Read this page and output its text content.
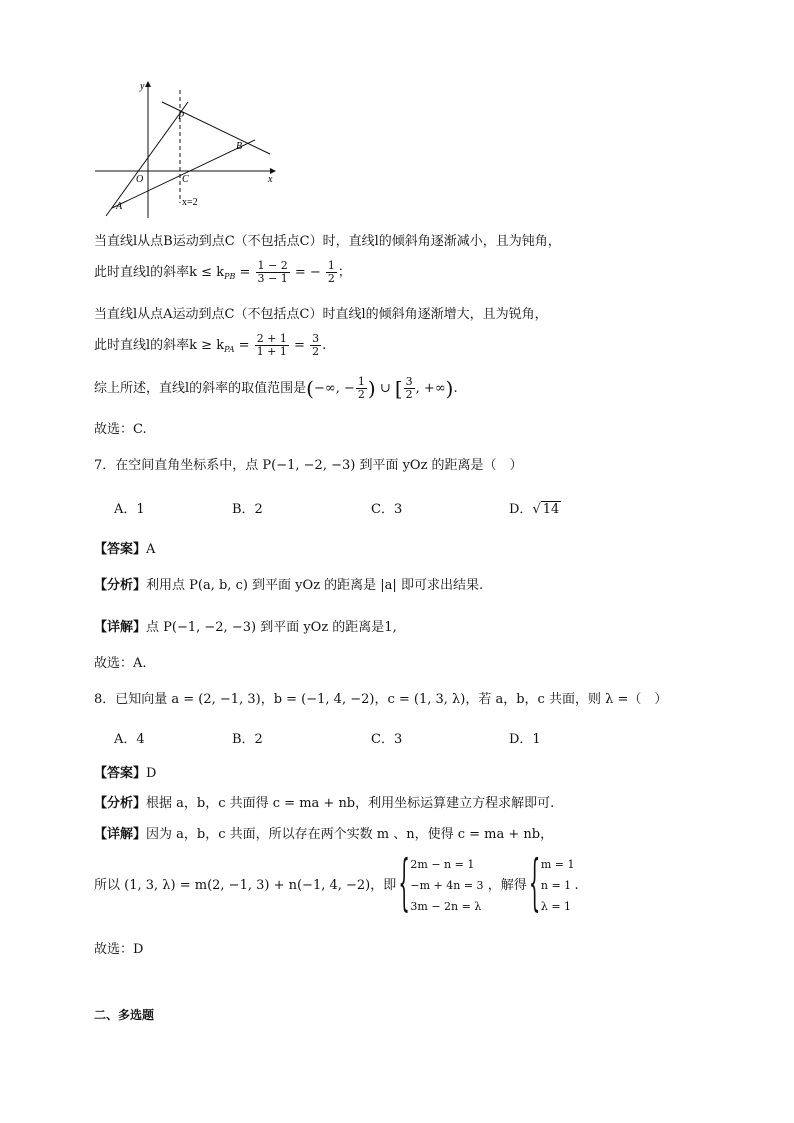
y
P
B
O	C	x
A	x=2
当直线l从点B运动到点C（不包括点C）时，直线l的倾斜角逐渐减小，且为钝角，
此时直线l的斜率$k \le k_{PB} = \frac{1 - 2}{3 - 1}$ = − $\frac{1}{2}$ ；
当直线l从点A运动到点C（不包括点C）时直线l的倾斜角逐渐增大，且为锐角，
此时直线l的斜率$k \ge k_{PA} = \frac{2 + 1}{1 + 1} = \frac{3}{2}$ .
综上所述，直线l的斜率的取值范围是(−∞, − $\frac{1}{2}$ ) ∪ [ $\frac{3}{2}$ , +∞).
故选：C.
7．在空间直角坐标系中，点 P(−1, −2, −3) 到平面 yOz 的距离是（　）
A．1	B．2	C．3	D．√ 14
【答案】A
【分析】利用点 P(a, b, c) 到平面 yOz 的距离是 |a| 即可求出结果.
【详解】点 P(−1, −2, −3) 到平面 yOz 的距离是1,
故选：A.
8．已知向量 a = (2, −1, 3)，b = (−1, 4, −2)，c = (1, 3, λ)，若 a，b，c 共面，则 λ =（　）
A．4	B．2	C．3	D．1
【答案】D
【分析】根据 a，b，c 共面得 c = ma + nb，利用坐标运算建立方程求解即可.
【详解】因为 a，b，c 共面，所以存在两个实数 m 、n，使得 c = ma + nb，
所以 (1, 3, λ) = m(2, −1, 3) + n(−1, 4, −2)，即
{ 2m − n = 1
−m + 4n = 3
3m − 2n = λ
，解得
{ m = 1
n = 1
λ = 1
.
故选：D
二、多选题
